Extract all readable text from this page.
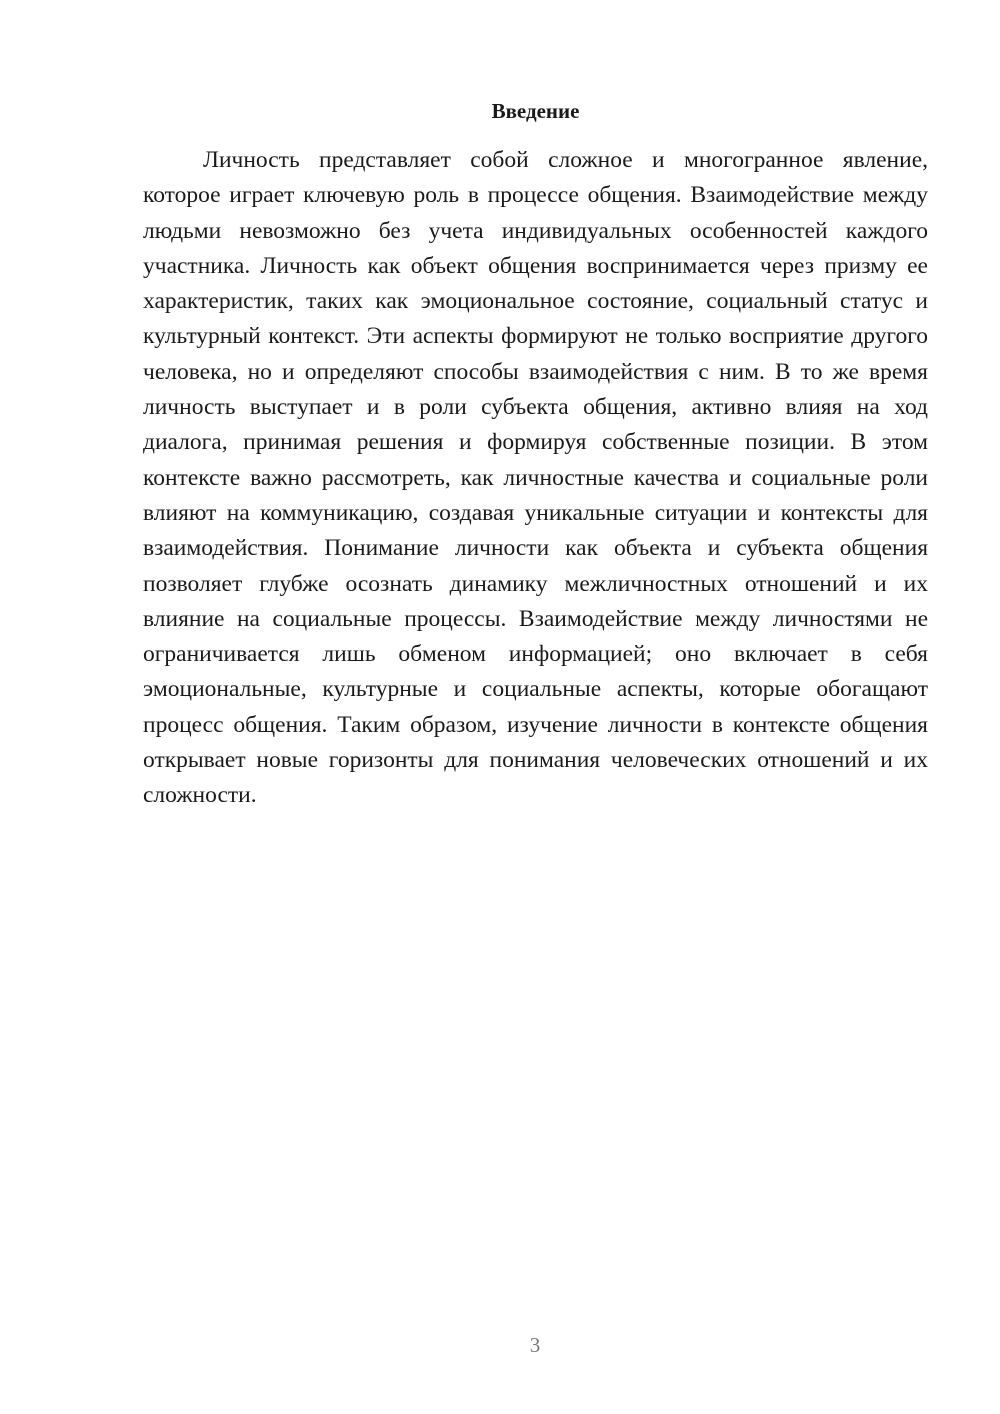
Введение

Личность представляет собой сложное и многогранное явление, которое играет ключевую роль в процессе общения. Взаимодействие между людьми невозможно без учета индивидуальных особенностей каждого участника. Личность как объект общения воспринимается через призму ее характеристик, таких как эмоциональное состояние, социальный статус и культурный контекст. Эти аспекты формируют не только восприятие другого человека, но и определяют способы взаимодействия с ним. В то же время личность выступает и в роли субъекта общения, активно влияя на ход диалога, принимая решения и формируя собственные позиции. В этом контексте важно рассмотреть, как личностные качества и социальные роли влияют на коммуникацию, создавая уникальные ситуации и контексты для взаимодействия. Понимание личности как объекта и субъекта общения позволяет глубже осознать динамику межличностных отношений и их влияние на социальные процессы. Взаимодействие между личностями не ограничивается лишь обменом информацией; оно включает в себя эмоциональные, культурные и социальные аспекты, которые обогащают процесс общения. Таким образом, изучение личности в контексте общения открывает новые горизонты для понимания человеческих отношений и их сложности.

3
